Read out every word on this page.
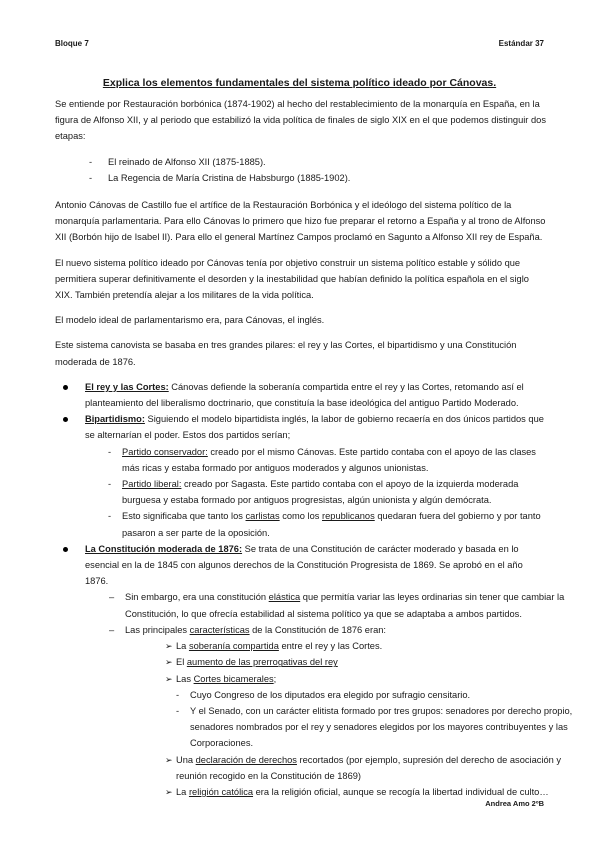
Bloque 7	Estándar 37
Explica los elementos fundamentales del sistema político ideado por Cánovas.

Se entiende por Restauración borbónica (1874-1902) al hecho del restablecimiento de la monarquía en España, en la figura de Alfonso XII, y al periodo que estabilizó la vida política de finales de siglo XIX en el que podemos distinguir dos etapas:

- El reinado de Alfonso XII (1875-1885).
- La Regencia de María Cristina de Habsburgo (1885-1902).

Antonio Cánovas de Castillo fue el artífice de la Restauración Borbónica y el ideólogo del sistema político de la monarquía parlamentaria. Para ello Cánovas lo primero que hizo fue preparar el retorno a España y al trono de Alfonso XII (Borbón hijo de Isabel II). Para ello el general Martínez Campos proclamó en Sagunto a Alfonso XII rey de España.

El nuevo sistema político ideado por Cánovas tenía por objetivo construir un sistema político estable y sólido que permitiera superar definitivamente el desorden y la inestabilidad que habían definido la política española en el siglo XIX. También pretendía alejar a los militares de la vida política.

El modelo ideal de parlamentarismo era, para Cánovas, el inglés.

Este sistema canovista se basaba en tres grandes pilares: el rey y las Cortes, el bipartidismo y una Constitución moderada de 1876.

El rey y las Cortes: Cánovas defiende la soberanía compartida entre el rey y las Cortes, retomando así el planteamiento del liberalismo doctrinario, que constituía la base ideológica del antiguo Partido Moderado.
Bipartidismo: Siguiendo el modelo bipartidista inglés, la labor de gobierno recaería en dos únicos partidos que se alternarían el poder. Estos dos partidos serían;
- Partido conservador: creado por el mismo Cánovas. Este partido contaba con el apoyo de las clases más ricas y estaba formado por antiguos moderados y algunos unionistas.
- Partido liberal: creado por Sagasta. Este partido contaba con el apoyo de la izquierda moderada burguesa y estaba formado por antiguos progresistas, algún unionista y algún demócrata.
- Esto significaba que tanto los carlistas como los republicanos quedaran fuera del gobierno y por tanto pasaron a ser parte de la oposición.
La Constitución moderada de 1876: Se trata de una Constitución de carácter moderado y basada en lo esencial en la de 1845 con algunos derechos de la Constitución Progresista de 1869. Se aprobó en el año 1876.
– Sin embargo, era una constitución elástica que permitía variar las leyes ordinarias sin tener que cambiar la Constitución, lo que ofrecía estabilidad al sistema político ya que se adaptaba a ambos partidos.
– Las principales características de la Constitución de 1876 eran:
➢ La soberanía compartida entre el rey y las Cortes.
➢ El aumento de las prerrogativas del rey
➢ Las Cortes bicamerales;
- Cuyo Congreso de los diputados era elegido por sufragio censitario.
- Y el Senado, con un carácter elitista formado por tres grupos: senadores por derecho propio, senadores nombrados por el rey y senadores elegidos por los mayores contribuyentes y las Corporaciones.
➢ Una declaración de derechos recortados (por ejemplo, supresión del derecho de asociación y reunión recogido en la Constitución de 1869)
➢ La religión católica era la religión oficial, aunque se recogía la libertad individual de culto…
Andrea Amo 2ºB
